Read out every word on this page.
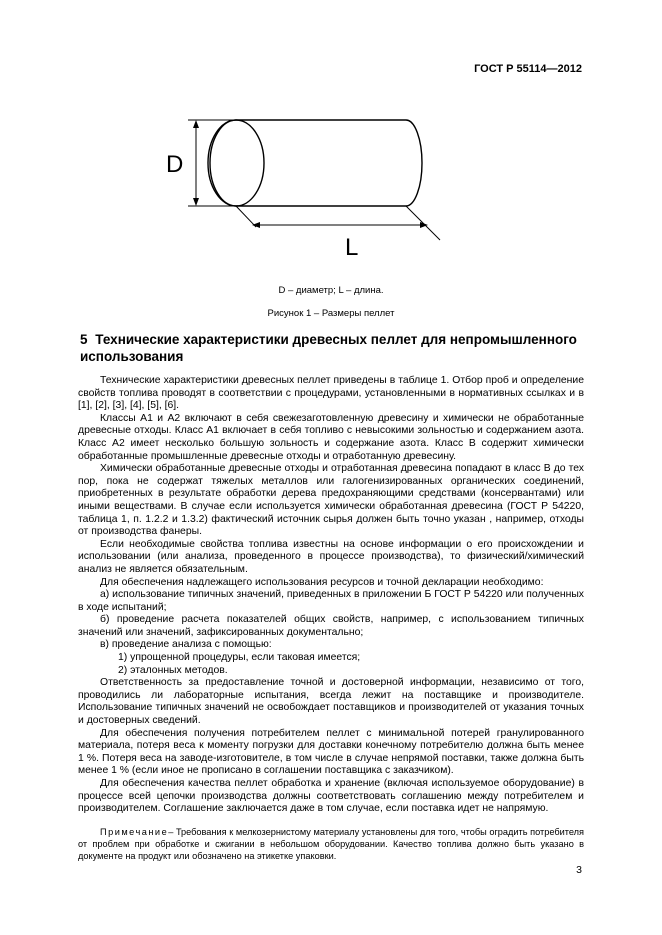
ГОСТ Р 55114—2012
D
L
D – диаметр; L – длина.
Рисунок 1 – Размеры пеллет
5 Технические характеристики древесных пеллет для непромышленного использования

Технические характеристики древесных пеллет приведены в таблице 1. Отбор проб и определение свойств топлива проводят в соответствии с процедурами, установленными в нормативных ссылках и в [1], [2], [3], [4], [5], [6].

Классы А1 и А2 включают в себя свежезаготовленную древесину и химически не обработанные древесные отходы. Класс А1 включает в себя топливо с невысокими зольностью и содержанием азота. Класс А2 имеет несколько большую зольность и содержание азота. Класс В содержит химически обработанные промышленные древесные отходы и отработанную древесину.

Химически обработанные древесные отходы и отработанная древесина попадают в класс В до тех пор, пока не содержат тяжелых металлов или галогенизированных органических соединений, приобретенных в результате обработки дерева предохраняющими средствами (консервантами) или иными веществами. В случае если используется химически обработанная древесина (ГОСТ Р 54220, таблица 1, п. 1.2.2 и 1.3.2) фактический источник сырья должен быть точно указан , например, отходы от производства фанеры.

Если необходимые свойства топлива известны на основе информации о его происхождении и использовании (или анализа, проведенного в процессе производства), то физический/химический анализ не является обязательным.

Для обеспечения надлежащего использования ресурсов и точной декларации необходимо:

а) использование типичных значений, приведенных в приложении Б ГОСТ Р 54220 или полученных в ходе испытаний;

б) проведение расчета показателей общих свойств, например, с использованием типичных значений или значений, зафиксированных документально;

в) проведение анализа с помощью:

1) упрощенной процедуры, если таковая имеется;

2) эталонных методов.

Ответственность за предоставление точной и достоверной информации, независимо от того, проводились ли лабораторные испытания, всегда лежит на поставщике и производителе. Использование типичных значений не освобождает поставщиков и производителей от указания точных и достоверных сведений.

Для обеспечения получения потребителем пеллет с минимальной потерей гранулированного материала, потеря веса к моменту погрузки для доставки конечному потребителю должна быть менее 1 %. Потеря веса на заводе-изготовителе, в том числе в случае непрямой поставки, также должна быть менее 1 % (если иное не прописано в соглашении поставщика с заказчиком).

Для обеспечения качества пеллет обработка и хранение (включая используемое оборудование) в процессе всей цепочки производства должны соответствовать соглашению между потребителем и производителем. Соглашение заключается даже в том случае, если поставка идет не напрямую.

Примечание– Требования к мелкозернистому материалу установлены для того, чтобы оградить потребителя от проблем при обработке и сжигании в небольшом оборудовании. Качество топлива должно быть указано в документе на продукт или обозначено на этикетке упаковки.

3
